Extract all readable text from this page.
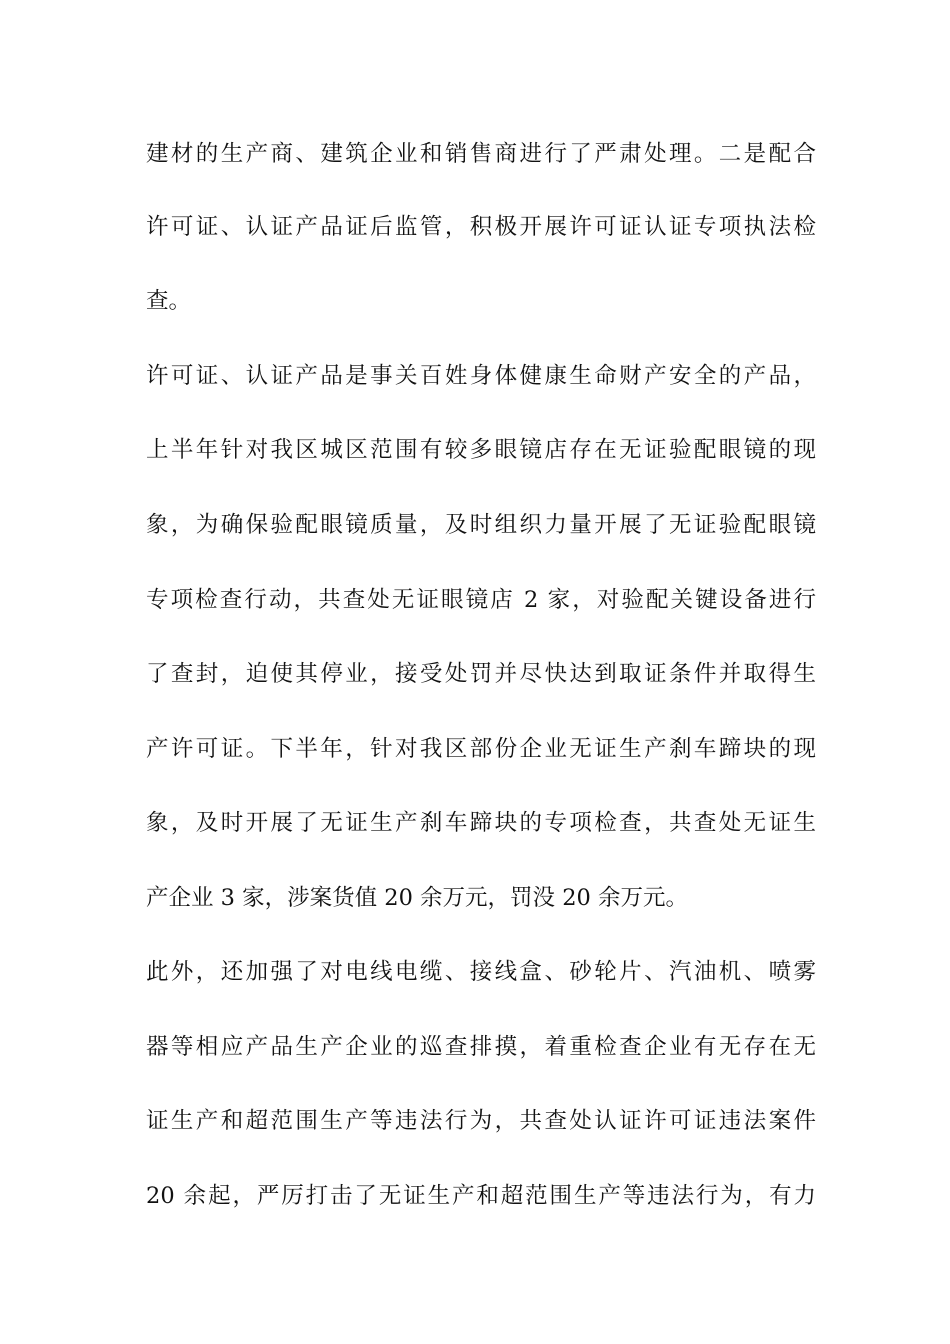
建材的生产商、建筑企业和销售商进行了严肃处理。二是配合
许可证、认证产品证后监管，积极开展许可证认证专项执法检
查。
许可证、认证产品是事关百姓身体健康生命财产安全的产品，
上半年针对我区城区范围有较多眼镜店存在无证验配眼镜的现
象，为确保验配眼镜质量，及时组织力量开展了无证验配眼镜
专项检查行动，共查处无证眼镜店 2 家，对验配关键设备进行
了查封，迫使其停业，接受处罚并尽快达到取证条件并取得生
产许可证。下半年，针对我区部份企业无证生产刹车蹄块的现
象，及时开展了无证生产刹车蹄块的专项检查，共查处无证生
产企业 3 家，涉案货值 20 余万元，罚没 20 余万元。
此外，还加强了对电线电缆、接线盒、砂轮片、汽油机、喷雾
器等相应产品生产企业的巡查排摸，着重检查企业有无存在无
证生产和超范围生产等违法行为，共查处认证许可证违法案件
20 余起，严厉打击了无证生产和超范围生产等违法行为，有力
